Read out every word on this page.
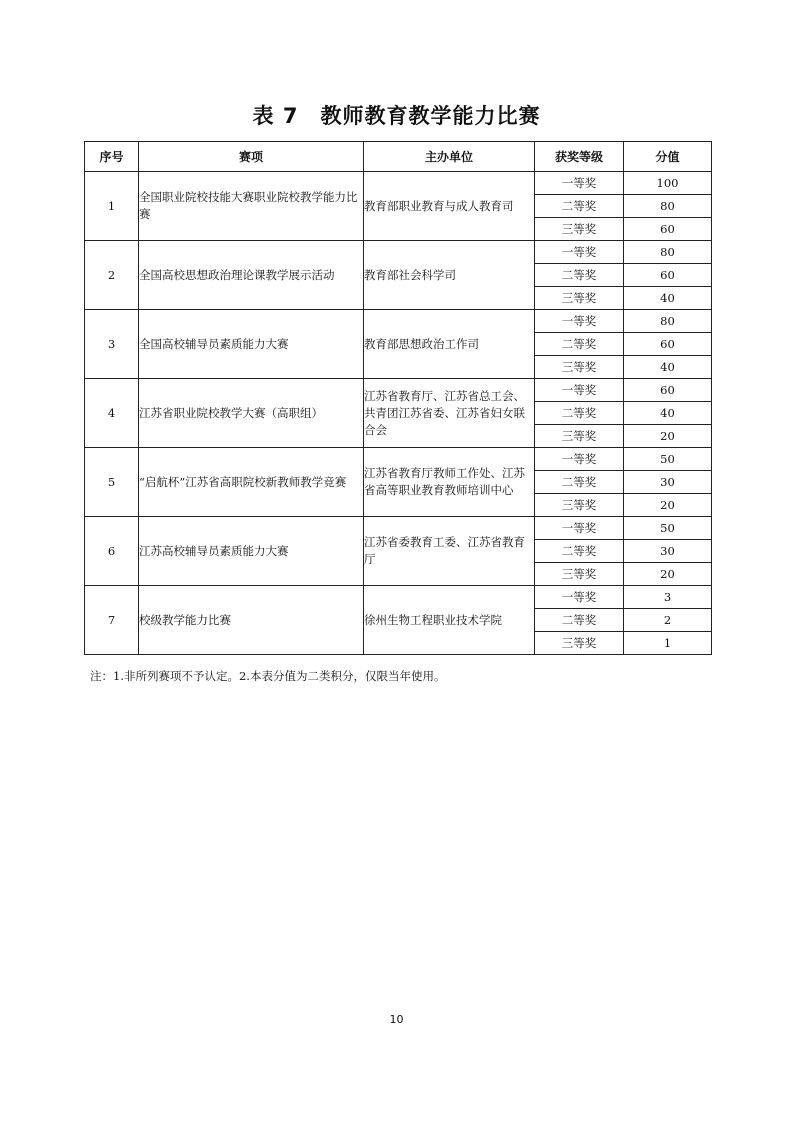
表 7 教师教育教学能力比赛
序号	赛项	主办单位	获奖等级	分值
1	全国职业院校技能大赛职业院校教学能力比赛	教育部职业教育与成人教育司	一等奖	100
			二等奖	80
			三等奖	60
2	全国高校思想政治理论课教学展示活动	教育部社会科学司	一等奖	80
			二等奖	60
			三等奖	40
3	全国高校辅导员素质能力大赛	教育部思想政治工作司	一等奖	80
			二等奖	60
			三等奖	40
4	江苏省职业院校教学大赛（高职组）	江苏省教育厅、江苏省总工会、共青团江苏省委、江苏省妇女联合会	一等奖	60
			二等奖	40
			三等奖	20
5	“启航杯”江苏省高职院校新教师教学竞赛	江苏省教育厅教师工作处、江苏省高等职业教育教师培训中心	一等奖	50
			二等奖	30
			三等奖	20
6	江苏高校辅导员素质能力大赛	江苏省委教育工委、江苏省教育厅	一等奖	50
			二等奖	30
			三等奖	20
7	校级教学能力比赛	徐州生物工程职业技术学院	一等奖	3
			二等奖	2
			三等奖	1

注：1.非所列赛项不予认定。2.本表分值为二类积分，仅限当年使用。

10
